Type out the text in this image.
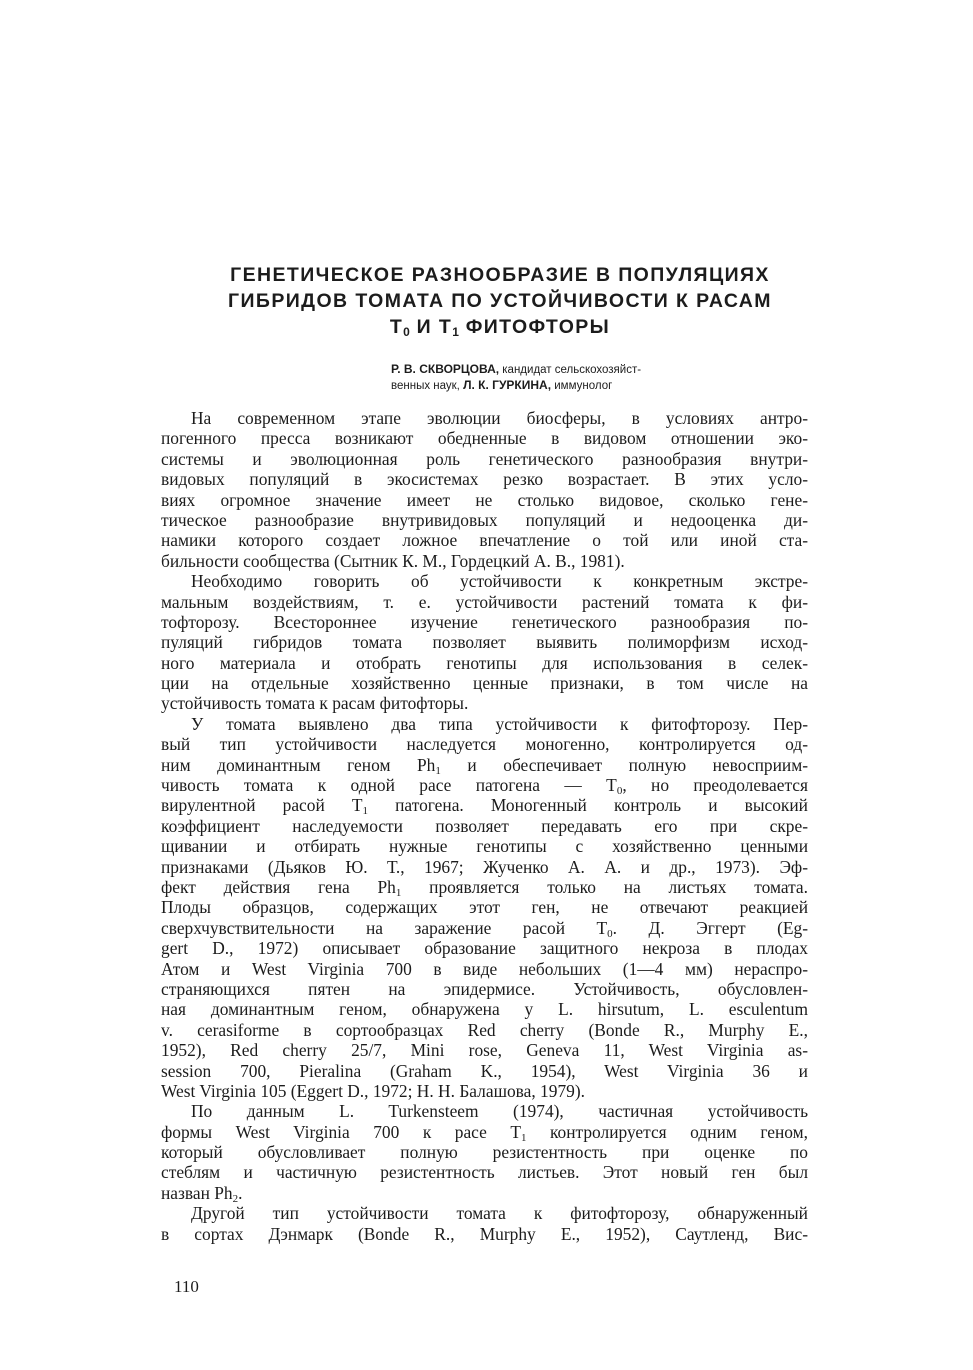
ГЕНЕТИЧЕСКОЕ РАЗНООБРАЗИЕ В ПОПУЛЯЦИЯХ
ГИБРИДОВ ТОМАТА ПО УСТОЙЧИВОСТИ К РАСАМ
$Т_0$ И $Т_1$ ФИТОФТОРЫ

Р. В. СКВОРЦОВА, кандидат сельскохозяйст-
венных наук, Л. К. ГУРКИНА, иммунолог

На современном этапе эволюции биосферы, в условиях антро-
погенного пресса возникают обедненные в видовом отношении эко-
системы и эволюционная роль генетического разнообразия внутри-
видовых популяций в экосистемах резко возрастает. В этих усло-
виях огромное значение имеет не столько видовое, сколько гене-
тическое разнообразие внутривидовых популяций и недооценка ди-
намики которого создает ложное впечатление о той или иной ста-
бильности сообщества (Сытник К. М., Гордецкий А. В., 1981).
Необходимо говорить об устойчивости к конкретным экстре-
мальным воздействиям, т. е. устойчивости растений томата к фи-
тофторозу. Всестороннее изучение генетического разнообразия по-
пуляций гибридов томата позволяет выявить полиморфизм исход-
ного материала и отобрать генотипы для использования в селек-
ции на отдельные хозяйственно ценные признаки, в том числе на
устойчивость томата к расам фитофторы.
У томата выявлено два типа устойчивости к фитофторозу. Пер-
вый тип устойчивости наследуется моногенно, контролируется од-
ним доминантным геном $Ph_1$ и обеспечивает полную невосприим-
чивость томата к одной расе патогена — $Т_0$, но преодолевается
вирулентной расой $Т_1$ патогена. Моногенный контроль и высокий
коэффициент наследуемости позволяет передавать его при скре-
щивании и отбирать нужные генотипы с хозяйственно ценными
признаками (Дьяков Ю. Т., 1967; Жученко А. А. и др., 1973). Эф-
фект действия гена $Ph_1$ проявляется только на листьях томата.
Плоды образцов, содержащих этот ген, не отвечают реакцией
сверхчувствительности на заражение расой $Т_0$. Д. Эггерт (Eg-
gert D., 1972) описывает образование защитного некроза в плодах
Атом и West Virginia 700 в виде небольших (1—4 мм) нераспро-
страняющихся пятен на эпидермисе. Устойчивость, обусловлен-
ная доминантным геном, обнаружена у L. hirsutum, L. esculentum
v. cerasiforme в сортообразцах Red cherry (Bonde R., Murphy E.,
1952), Red cherry 25/7, Mini rose, Geneva 11, West Virginia as-
session 700, Pieralina (Graham K., 1954), West Virginia 36 и
West Virginia 105 (Eggert D., 1972; Н. Н. Балашова, 1979).
По данным L. Turkensteem (1974), частичная устойчивость
формы West Virginia 700 к расе $Т_1$ контролируется одним геном,
который обусловливает полную резистентность при оценке по
стеблям и частичную резистентность листьев. Этот новый ген был
назван $Ph_2$.
Другой тип устойчивости томата к фитофторозу, обнаруженный
в сортах Дэнмарк (Bonde R., Murphy E., 1952), Саутленд, Вис-

110
